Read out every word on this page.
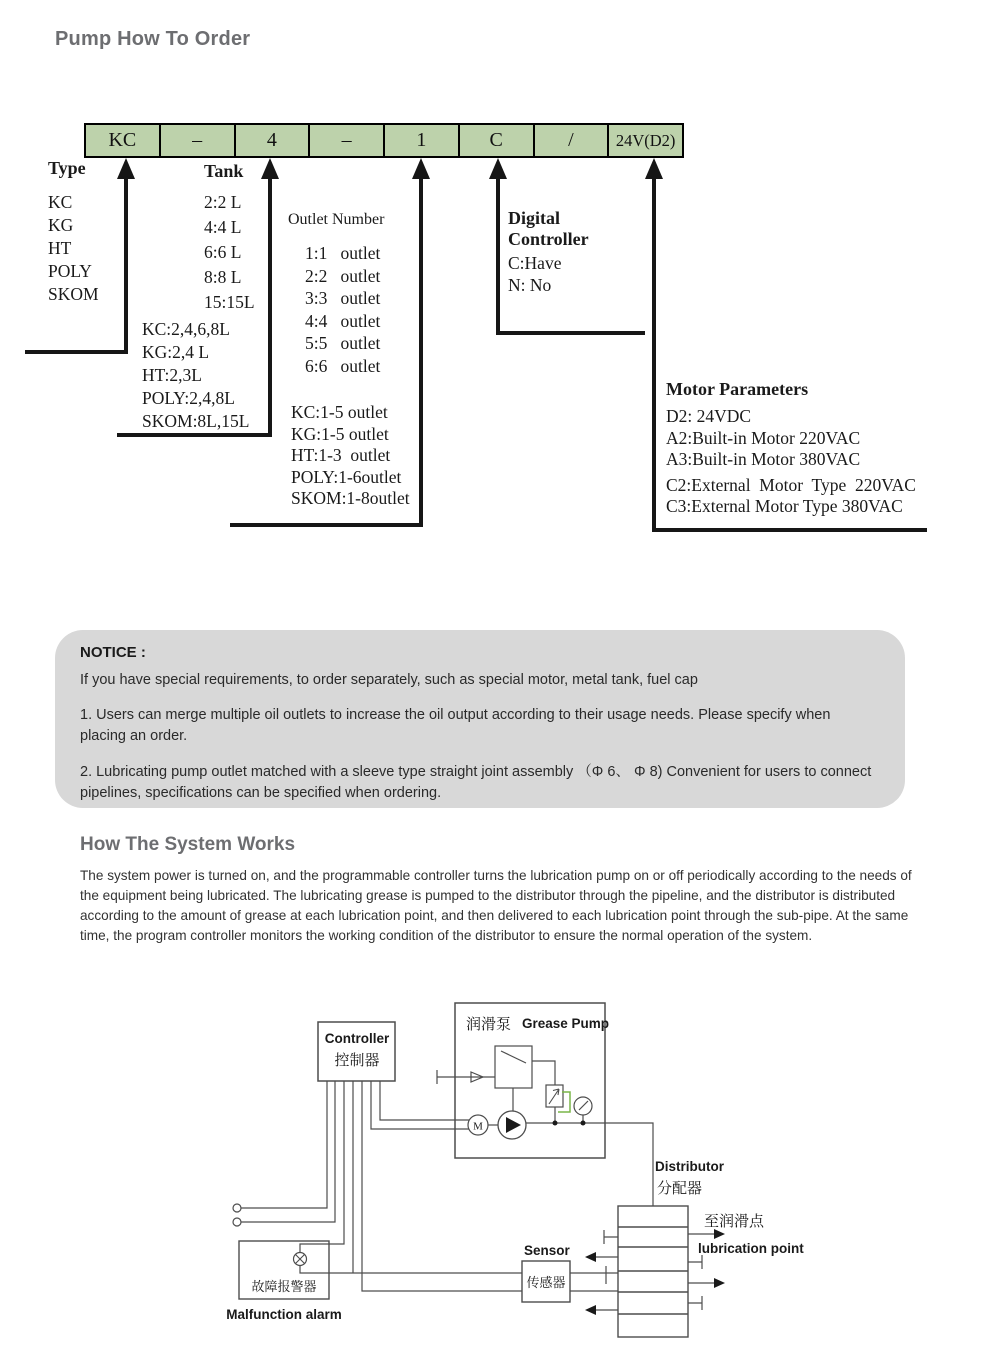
Pump How To Order
KC	–	4	–	1	C	/	24V(D2)
Type
KC
KG
HT
POLY
SKOM
Tank
2:2 L
4:4 L
6:6 L
8:8 L
15:15L
KC:2,4,6,8L
KG:2,4 L
HT:2,3L
POLY:2,4,8L
SKOM:8L,15L
Outlet Number
1:1   outlet
2:2   outlet
3:3   outlet
4:4   outlet
5:5   outlet
6:6   outlet
KC:1-5 outlet
KG:1-5 outlet
HT:1-3  outlet
POLY:1-6outlet
SKOM:1-8outlet
Digital
Controller
C:Have
N: No
Motor Parameters
D2: 24VDC
A2:Built-in Motor 220VAC
A3:Built-in Motor 380VAC
C2:External  Motor  Type  220VAC
C3:External Motor Type 380VAC
NOTICE :
If you have special requirements, to order separately, such as special motor, metal tank, fuel cap
1. Users can merge multiple oil outlets to increase the oil output according to their usage needs. Please specify when placing an order.
2. Lubricating pump outlet matched with a sleeve type straight joint assembly （Φ 6、 Φ 8) Convenient for users to connect pipelines, specifications can be specified when ordering.
How The System Works
The system power is turned on, and the programmable controller turns the lubrication pump on or off periodically according to the needs of the equipment being lubricated. The lubricating grease is pumped to the distributor through the pipeline, and the distributor is distributed according to the amount of grease at each lubrication point, and then delivered to each lubrication point through the sub-pipe. At the same time, the program controller monitors the working condition of the distributor to ensure the normal operation of the system.
Controller
控制器
润滑泵 Grease Pump
M
Distributor
分配器
至润滑点
lubrication point
Sensor
传感器
故障报警器
Malfunction alarm
